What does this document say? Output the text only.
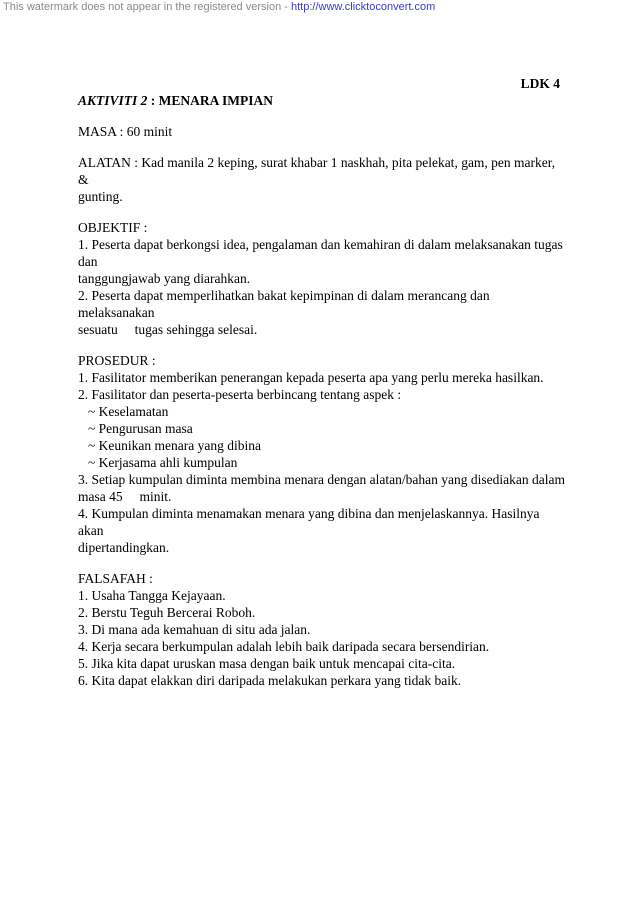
This watermark does not appear in the registered version - http://www.clicktoconvert.com
LDK 4
AKTIVITI 2 : MENARA IMPIAN

MASA : 60 minit

ALATAN : Kad manila 2 keping, surat khabar 1 naskhah, pita pelekat, gam, pen marker, &
gunting.

OBJEKTIF :
1. Peserta dapat berkongsi idea, pengalaman dan kemahiran di dalam melaksanakan tugas dan
tanggungjawab yang diarahkan.
2. Peserta dapat memperlihatkan bakat kepimpinan di dalam merancang dan melaksanakan
sesuatu     tugas sehingga selesai.

PROSEDUR :
1. Fasilitator memberikan penerangan kepada peserta apa yang perlu mereka hasilkan.
2. Fasilitator dan peserta-peserta berbincang tentang aspek :
~ Keselamatan
~ Pengurusan masa
~ Keunikan menara yang dibina
~ Kerjasama ahli kumpulan
3. Setiap kumpulan diminta membina menara dengan alatan/bahan yang disediakan dalam
masa 45     minit.
4. Kumpulan diminta menamakan menara yang dibina dan menjelaskannya. Hasilnya akan
dipertandingkan.

FALSAFAH :
1. Usaha Tangga Kejayaan.
2. Berstu Teguh Bercerai Roboh.
3. Di mana ada kemahuan di situ ada jalan.
4. Kerja secara berkumpulan adalah lebih baik daripada secara bersendirian.
5. Jika kita dapat uruskan masa dengan baik untuk mencapai cita-cita.
6. Kita dapat elakkan diri daripada melakukan perkara yang tidak baik.
